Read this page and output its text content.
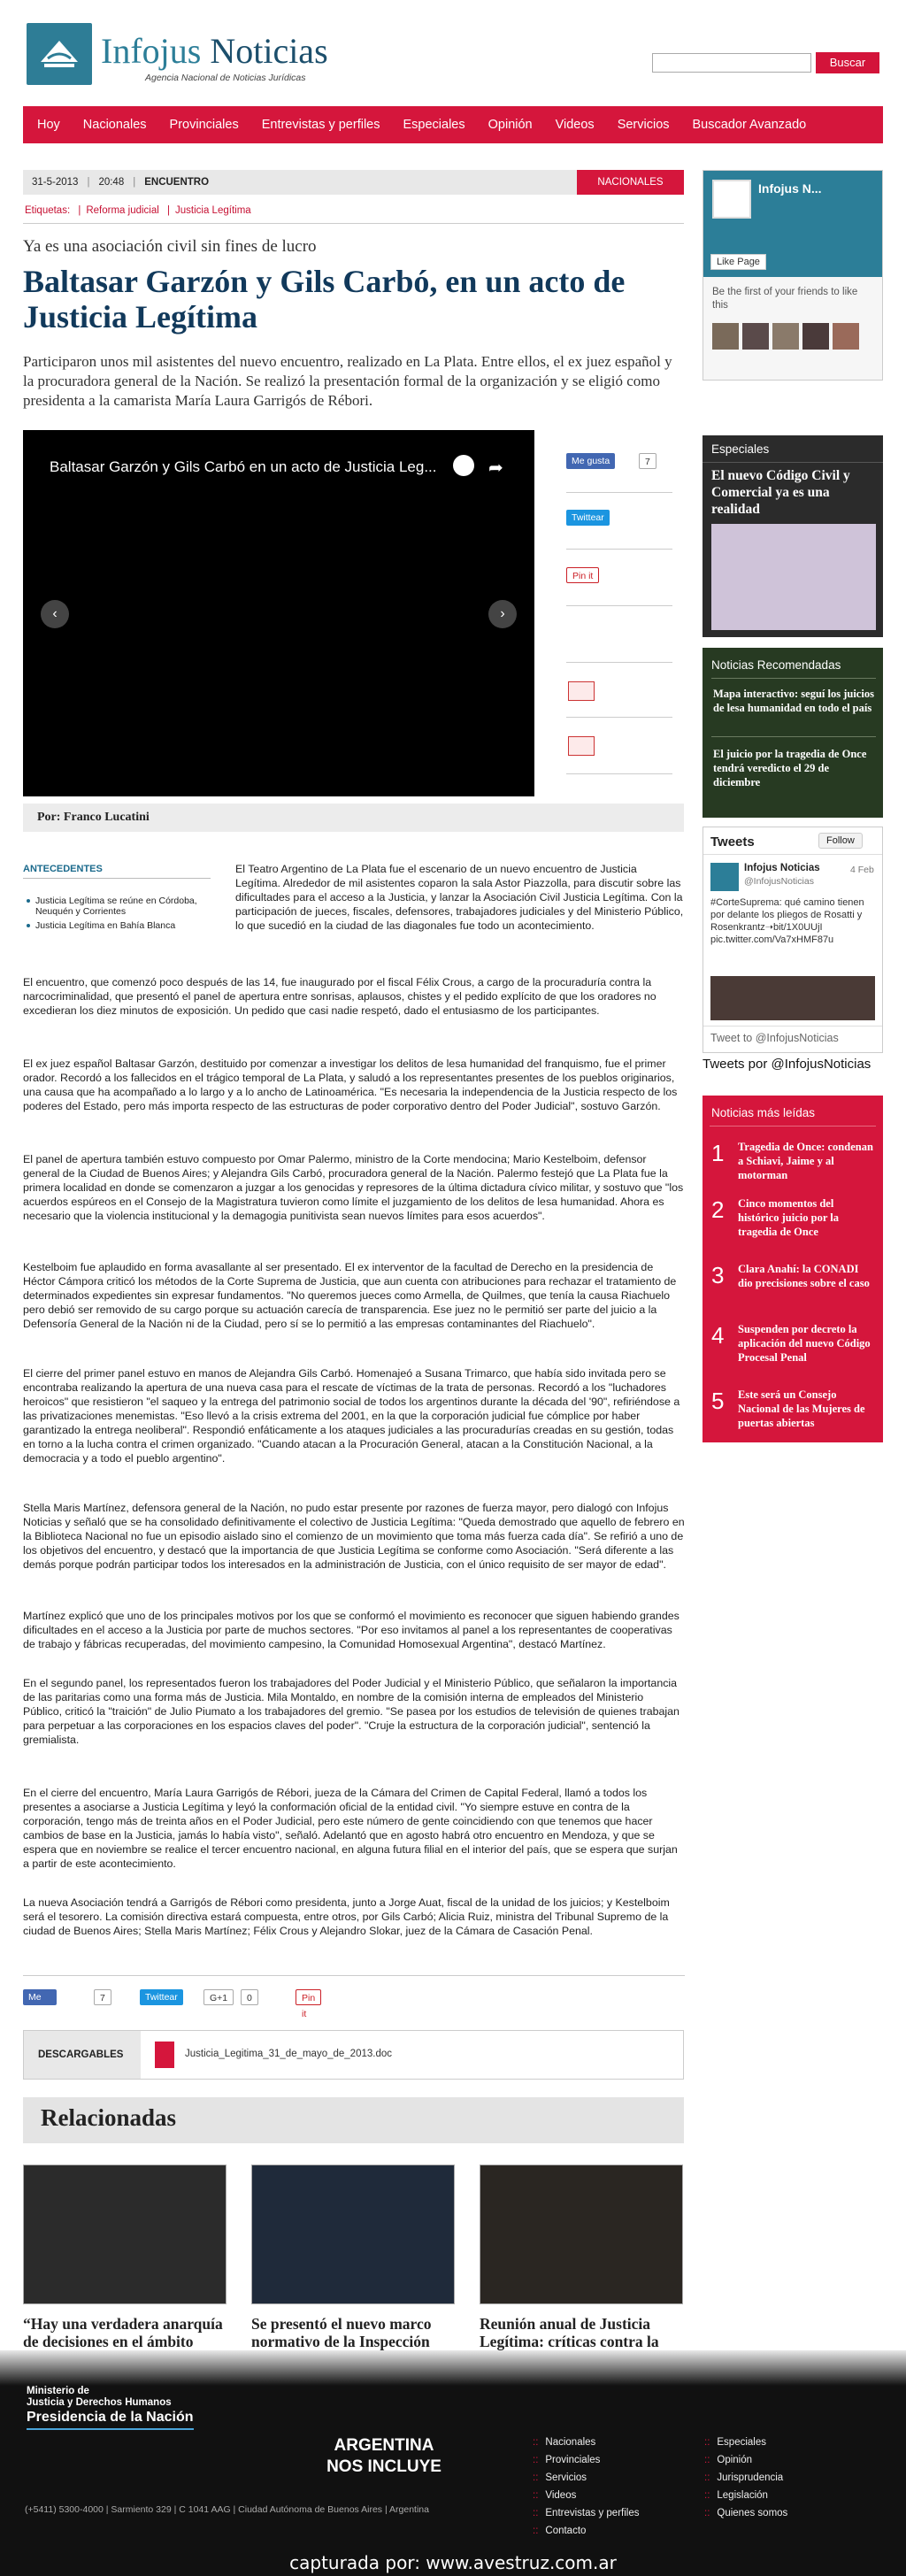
Infojus Noticias
Agencia Nacional de Noticias Jurídicas
Buscar
Hoy Nacionales Provinciales Entrevistas y perfiles Especiales Opinión Videos Servicios Buscador Avanzado
31-5-2013 | 20:48 | ENCUENTRO	NACIONALES
Etiquetas: | Reforma judicial | Justicia Legítima
Ya es una asociación civil sin fines de lucro
Baltasar Garzón y Gils Carbó, en un acto de Justicia Legítima
Participaron unos mil asistentes del nuevo encuentro, realizado en La Plata. Entre ellos, el ex juez español y la procuradora general de la Nación. Se realizó la presentación formal de la organización y se eligió como presidenta a la camarista María Laura Garrigós de Rébori.
Baltasar Garzón y Gils Carbó en un acto de Justicia Leg...	➦
‹	›
Me gusta	7
Twittear
Pin it
Por: Franco Lucatini
ANTECEDENTES
Justicia Legítima se reúne en Córdoba, Neuquén y Corrientes
Justicia Legítima en Bahía Blanca
El Teatro Argentino de La Plata fue el escenario de un nuevo encuentro de Justicia Legítima. Alrededor de mil asistentes coparon la sala Astor Piazzolla, para discutir sobre las dificultades para el acceso a la Justicia, y lanzar la Asociación Civil Justicia Legítima. Con la participación de jueces, fiscales, defensores, trabajadores judiciales y del Ministerio Público, lo que sucedió en la ciudad de las diagonales fue todo un acontecimiento.
El encuentro, que comenzó poco después de las 14, fue inaugurado por el fiscal Félix Crous, a cargo de la procuraduría contra la narcocriminalidad, que presentó el panel de apertura entre sonrisas, aplausos, chistes y el pedido explícito de que los oradores no excedieran los diez minutos de exposición. Un pedido que casi nadie respetó, dado el entusiasmo de los participantes.
El ex juez español Baltasar Garzón, destituido por comenzar a investigar los delitos de lesa humanidad del franquismo, fue el primer orador. Recordó a los fallecidos en el trágico temporal de La Plata, y saludó a los representantes presentes de los pueblos originarios, una causa que ha acompañado a lo largo y a lo ancho de Latinoamérica. "Es necesaria la independencia de la Justicia respecto de los poderes del Estado, pero más importa respecto de las estructuras de poder corporativo dentro del Poder Judicial", sostuvo Garzón.
El panel de apertura también estuvo compuesto por Omar Palermo, ministro de la Corte mendocina; Mario Kestelboim, defensor general de la Ciudad de Buenos Aires; y Alejandra Gils Carbó, procuradora general de la Nación. Palermo festejó que La Plata fue la primera localidad en donde se comenzaron a juzgar a los genocidas y represores de la última dictadura cívico militar, y sostuvo que "los acuerdos espúreos en el Consejo de la Magistratura tuvieron como límite el juzgamiento de los delitos de lesa humanidad. Ahora es necesario que la violencia institucional y la demagogia punitivista sean nuevos límites para esos acuerdos".
Kestelboim fue aplaudido en forma avasallante al ser presentado. El ex interventor de la facultad de Derecho en la presidencia de Héctor Cámpora criticó los métodos de la Corte Suprema de Justicia, que aun cuenta con atribuciones para rechazar el tratamiento de determinados expedientes sin expresar fundamentos. "No queremos jueces como Armella, de Quilmes, que tenía la causa Riachuelo pero debió ser removido de su cargo porque su actuación carecía de transparencia. Ese juez no le permitió ser parte del juicio a la Defensoría General de la Nación ni de la Ciudad, pero sí se lo permitió a las empresas contaminantes del Riachuelo".
El cierre del primer panel estuvo en manos de Alejandra Gils Carbó. Homenajeó a Susana Trimarco, que había sido invitada pero se encontraba realizando la apertura de una nueva casa para el rescate de víctimas de la trata de personas. Recordó a los "luchadores heroicos" que resistieron "el saqueo y la entrega del patrimonio social de todos los argentinos durante la década del '90", refiriéndose a las privatizaciones menemistas. "Eso llevó a la crisis extrema del 2001, en la que la corporación judicial fue cómplice por haber garantizado la entrega neoliberal". Respondió enfáticamente a los ataques judiciales a las procuradurías creadas en su gestión, todas en torno a la lucha contra el crimen organizado. "Cuando atacan a la Procuración General, atacan a la Constitución Nacional, a la democracia y a todo el pueblo argentino".
Stella Maris Martínez, defensora general de la Nación, no pudo estar presente por razones de fuerza mayor, pero dialogó con Infojus Noticias y señaló que se ha consolidado definitivamente el colectivo de Justicia Legítima: "Queda demostrado que aquello de febrero en la Biblioteca Nacional no fue un episodio aislado sino el comienzo de un movimiento que toma más fuerza cada día". Se refirió a uno de los objetivos del encuentro, y destacó que la importancia de que Justicia Legítima se conforme como Asociación. "Será diferente a las demás porque podrán participar todos los interesados en la administración de Justicia, con el único requisito de ser mayor de edad".
Martínez explicó que uno de los principales motivos por los que se conformó el movimiento es reconocer que siguen habiendo grandes dificultades en el acceso a la Justicia por parte de muchos sectores. "Por eso invitamos al panel a los representantes de cooperativas de trabajo y fábricas recuperadas, del movimiento campesino, la Comunidad Homosexual Argentina", destacó Martínez.
En el segundo panel, los representados fueron los trabajadores del Poder Judicial y el Ministerio Público, que señalaron la importancia de las paritarias como una forma más de Justicia. Mila Montaldo, en nombre de la comisión interna de empleados del Ministerio Público, criticó la "traición" de Julio Piumato a los trabajadores del gremio. "Se pasea por los estudios de televisión de quienes trabajan para perpetuar a las corporaciones en los espacios claves del poder". "Cruje la estructura de la corporación judicial", sentenció la gremialista.
En el cierre del encuentro, María Laura Garrigós de Rébori, jueza de la Cámara del Crimen de Capital Federal, llamó a todos los presentes a asociarse a Justicia Legítima y leyó la conformación oficial de la entidad civil. "Yo siempre estuve en contra de la corporación, tengo más de treinta años en el Poder Judicial, pero este número de gente coincidiendo con que tenemos que hacer cambios de base en la Justicia, jamás lo había visto", señaló. Adelantó que en agosto habrá otro encuentro en Mendoza, y que se espera que en noviembre se realice el tercer encuentro nacional, en alguna futura filial en el interior del país, que se espera que surjan a partir de este acontecimiento.
La nueva Asociación tendrá a Garrigós de Rébori como presidenta, junto a Jorge Auat, fiscal de la unidad de los juicios; y Kestelboim será el tesorero. La comisión directiva estará compuesta, entre otros, por Gils Carbó; Alicia Ruiz, ministra del Tribunal Supremo de la ciudad de Buenos Aires; Stella Maris Martínez; Félix Crous y Alejandro Slokar, juez de la Cámara de Casación Penal.
Me gusta
7	Twittear	G+1	0	Pin it
DESCARGABLES	Justicia_Legitima_31_de_mayo_de_2013.doc
Relacionadas
“Hay una verdadera anarquía de decisiones en el ámbito
Se presentó el nuevo marco normativo de la Inspección
Reunión anual de Justicia Legítima: críticas contra la
Infojus N...
Like Page
Be the first of your friends to like this
Especiales
El nuevo Código Civil y Comercial ya es una realidad
Noticias Recomendadas
Mapa interactivo: seguí los juicios de lesa humanidad en todo el país
El juicio por la tragedia de Once tendrá veredicto el 29 de diciembre
Tweets	Follow
Infojus Noticias
@InfojusNoticias
4 Feb
#CorteSuprema: qué camino tienen por delante los pliegos de Rosatti y Rosenkrantz➝bit/1X0UUjI pic.twitter.com/Va7xHMF87u
Tweet to @InfojusNoticias
Tweets por @InfojusNoticias
Noticias más leídas
1 Tragedia de Once: condenan a Schiavi, Jaime y al motorman
2 Cinco momentos del histórico juicio por la tragedia de Once
3 Clara Anahí: la CONADI dio precisiones sobre el caso
4 Suspenden por decreto la aplicación del nuevo Código Procesal Penal
5 Este será un Consejo Nacional de las Mujeres de puertas abiertas
Ministerio de
Justicia y Derechos Humanos
Presidencia de la Nación
ARGENTINA
NOS INCLUYE
(+5411) 5300-4000 | Sarmiento 329 | C 1041 AAG | Ciudad Autónoma de Buenos Aires | Argentina
:: Nacionales
:: Provinciales
:: Servicios
:: Videos
:: Entrevistas y perfiles
:: Contacto
:: Especiales
:: Opinión
:: Jurisprudencia
:: Legislación
:: Quienes somos
capturada por: www.avestruz.com.ar
